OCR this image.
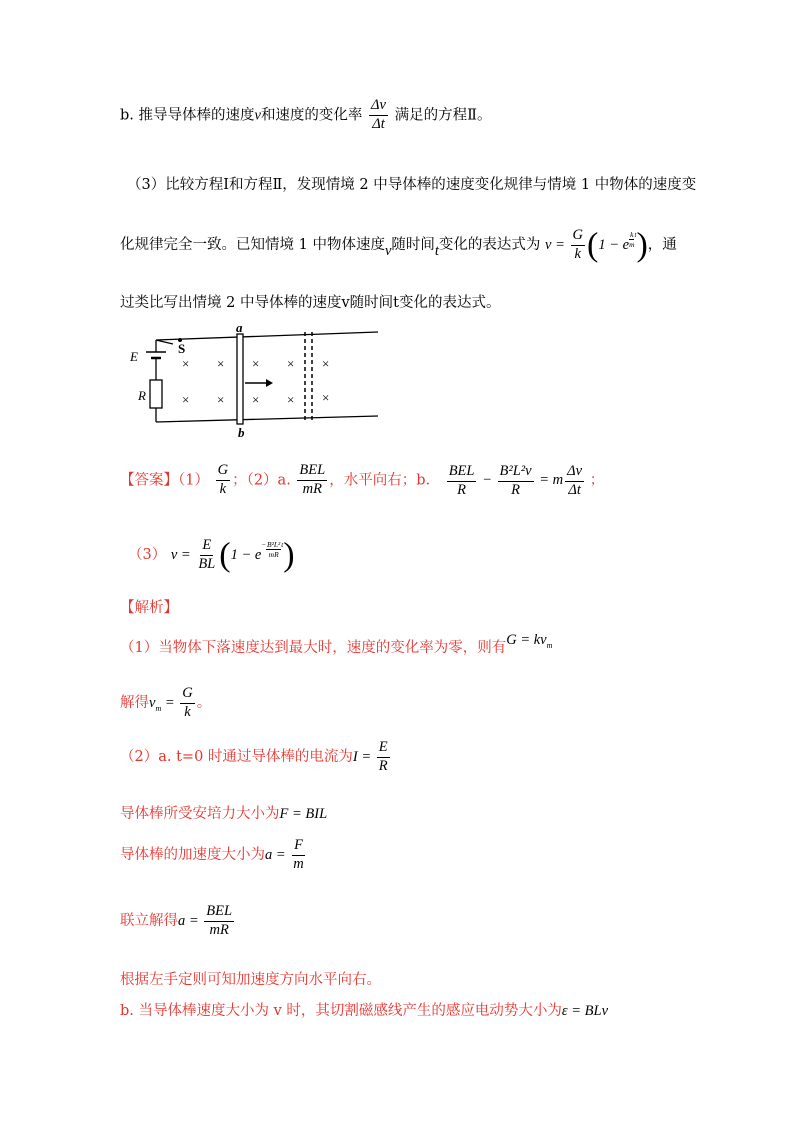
b. 推导导体棒的速度v和速度的变化率 $\frac{\Delta v}{\Delta t}$ 满足的方程Ⅱ。
（3）比较方程Ⅰ和方程Ⅱ，发现情境 2 中导体棒的速度变化规律与情境 1 中物体的速度变
化规律完全一致。已知情境 1 中物体速度v随时间t变化的表达式为 $v = \frac{G}{k} (1 - e \frac{k}{m} ^t)$，通
过类比写出情境 2 中导体棒的速度v随时间t变化的表达式。
E
S
R
a
b
× × × × ×
× × × × ×
【答案】$(1) \frac{G}{k}$ ；（2）a. $\frac{\text{BEL}}{mR}$ ，水平向右；b. $\frac{\text{BEL}}{R} - \frac{\text{B²L²v}}{R} = m \frac{\Delta v}{\Delta t}$ ；
（3） $v = \frac{E}{BL} (1 - e^- \frac{\text{B²L²}}{mR} ^t)$
【解析】
（1）当物体下落速度达到最大时，速度的变化率为零，则有$G = kv_m$
解得$v_m = \frac{G}{k}$ 。
（2）a. t=0 时通过导体棒的电流为$I = \frac{E}{R}$
导体棒所受安培力大小为F = BIL
导体棒的加速度大小为$a = \frac{F}{m}$
联立解得$a = \frac{\text{BEL}}{mR}$
根据左手定则可知加速度方向水平向右。
b. 当导体棒速度大小为 v 时，其切割磁感线产生的感应电动势大小为ε = BLv
